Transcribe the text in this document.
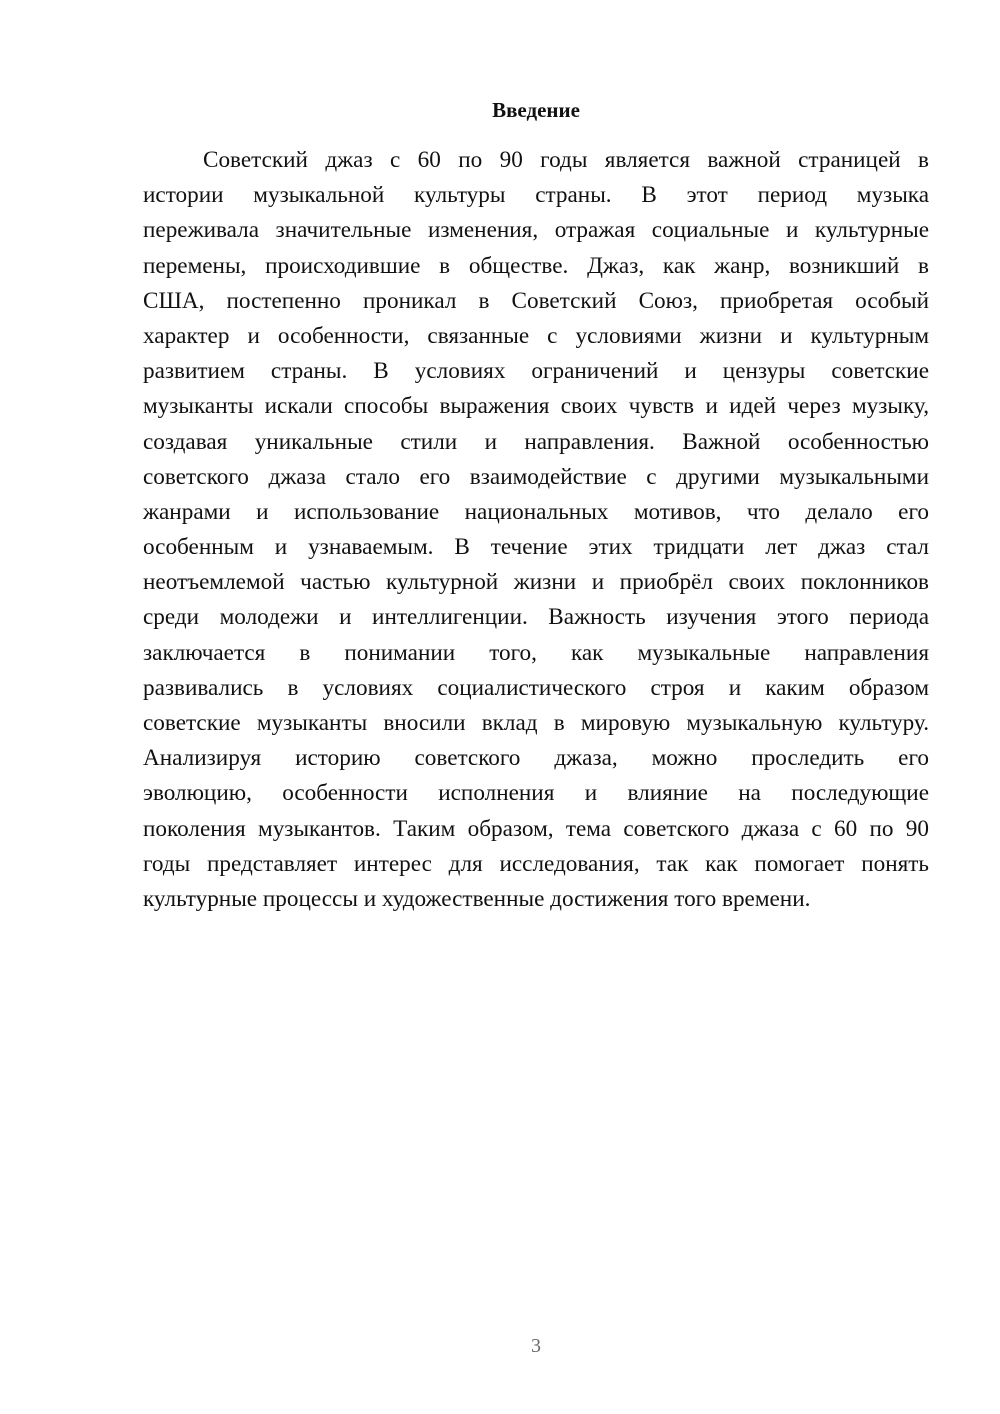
Введение
Советский джаз с 60 по 90 годы является важной страницей в
истории музыкальной культуры страны. В этот период музыка
переживала значительные изменения, отражая социальные и культурные
перемены, происходившие в обществе. Джаз, как жанр, возникший в
США, постепенно проникал в Советский Союз, приобретая особый
характер и особенности, связанные с условиями жизни и культурным
развитием страны. В условиях ограничений и цензуры советские
музыканты искали способы выражения своих чувств и идей через музыку,
создавая уникальные стили и направления. Важной особенностью
советского джаза стало его взаимодействие с другими музыкальными
жанрами и использование национальных мотивов, что делало его
особенным и узнаваемым. В течение этих тридцати лет джаз стал
неотъемлемой частью культурной жизни и приобрёл своих поклонников
среди молодежи и интеллигенции. Важность изучения этого периода
заключается в понимании того, как музыкальные направления
развивались в условиях социалистического строя и каким образом
советские музыканты вносили вклад в мировую музыкальную культуру.
Анализируя историю советского джаза, можно проследить его
эволюцию, особенности исполнения и влияние на последующие
поколения музыкантов. Таким образом, тема советского джаза с 60 по 90
годы представляет интерес для исследования, так как помогает понять
культурные процессы и художественные достижения того времени.
3
